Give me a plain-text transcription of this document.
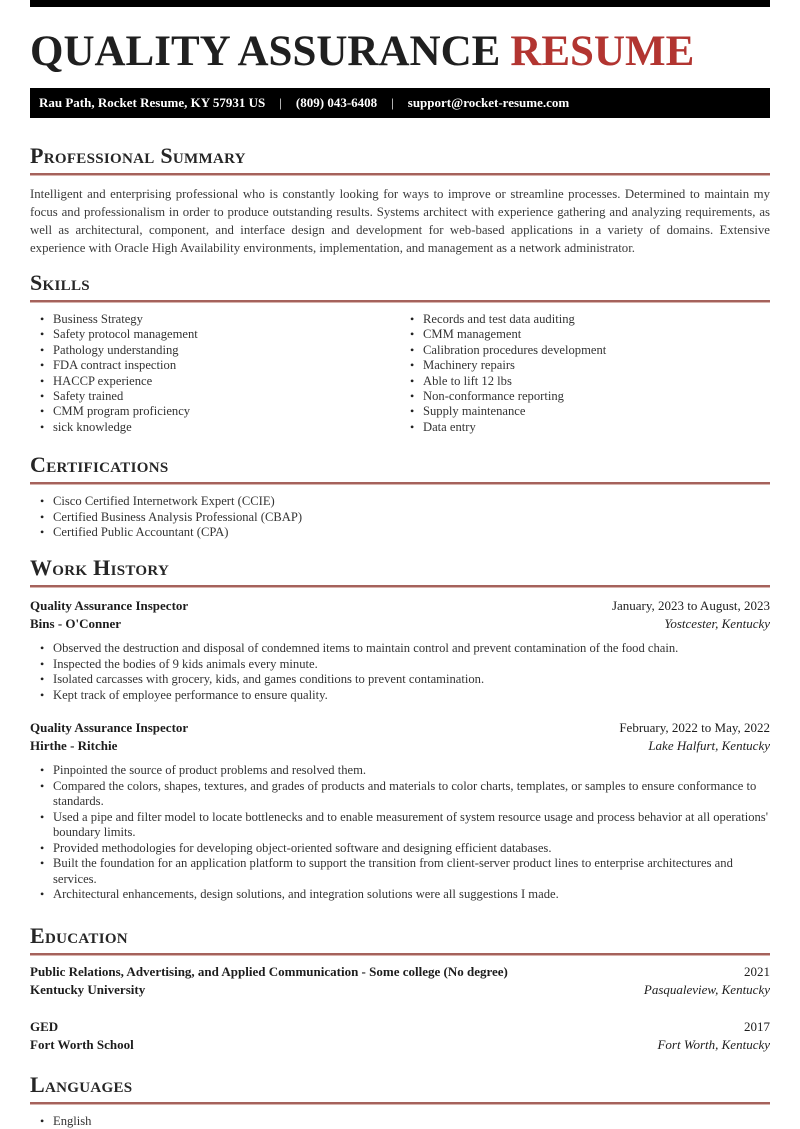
QUALITY ASSURANCE RESUME
Rau Path, Rocket Resume, KY 57931 US | (809) 043-6408 | support@rocket-resume.com
Professional Summary

Intelligent and enterprising professional who is constantly looking for ways to improve or streamline processes. Determined to maintain my focus and professionalism in order to produce outstanding results. Systems architect with experience gathering and analyzing requirements, as well as architectural, component, and interface design and development for web-based applications in a variety of domains. Extensive experience with Oracle High Availability environments, implementation, and management as a network administrator.

Skills
• Business Strategy
• Safety protocol management
• Pathology understanding
• FDA contract inspection
• HACCP experience
• Safety trained
• CMM program proficiency
• sick knowledge
• Records and test data auditing
• CMM management
• Calibration procedures development
• Machinery repairs
• Able to lift 12 lbs
• Non-conformance reporting
• Supply maintenance
• Data entry
Certifications
• Cisco Certified Internetwork Expert (CCIE)
• Certified Business Analysis Professional (CBAP)
• Certified Public Accountant (CPA)
Work History
Quality Assurance Inspector	January, 2023 to August, 2023
Bins - O'Conner	Yostcester, Kentucky
• Observed the destruction and disposal of condemned items to maintain control and prevent contamination of the food chain.
• Inspected the bodies of 9 kids animals every minute.
• Isolated carcasses with grocery, kids, and games conditions to prevent contamination.
• Kept track of employee performance to ensure quality.
Quality Assurance Inspector	February, 2022 to May, 2022
Hirthe - Ritchie	Lake Halfurt, Kentucky
• Pinpointed the source of product problems and resolved them.
• Compared the colors, shapes, textures, and grades of products and materials to color charts, templates, or samples to ensure conformance to standards.
• Used a pipe and filter model to locate bottlenecks and to enable measurement of system resource usage and process behavior at all operations' boundary limits.
• Provided methodologies for developing object-oriented software and designing efficient databases.
• Built the foundation for an application platform to support the transition from client-server product lines to enterprise architectures and services.
• Architectural enhancements, design solutions, and integration solutions were all suggestions I made.
Education
Public Relations, Advertising, and Applied Communication - Some college (No degree)	2021
Kentucky University	Pasqualeview, Kentucky
GED	2017
Fort Worth School	Fort Worth, Kentucky
Languages
• English
